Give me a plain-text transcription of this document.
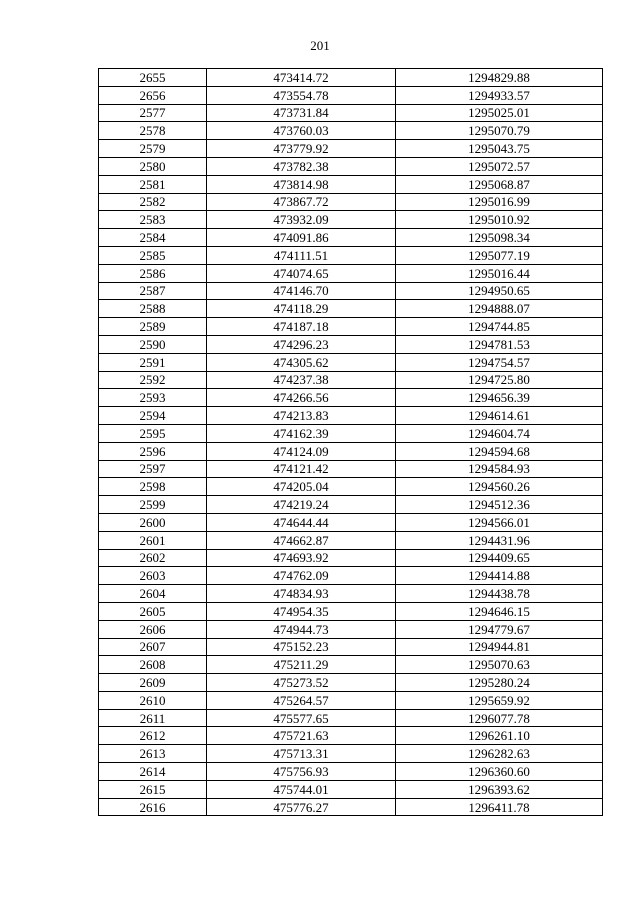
201
2655	473414.72	1294829.88
2656	473554.78	1294933.57
2577	473731.84	1295025.01
2578	473760.03	1295070.79
2579	473779.92	1295043.75
2580	473782.38	1295072.57
2581	473814.98	1295068.87
2582	473867.72	1295016.99
2583	473932.09	1295010.92
2584	474091.86	1295098.34
2585	474111.51	1295077.19
2586	474074.65	1295016.44
2587	474146.70	1294950.65
2588	474118.29	1294888.07
2589	474187.18	1294744.85
2590	474296.23	1294781.53
2591	474305.62	1294754.57
2592	474237.38	1294725.80
2593	474266.56	1294656.39
2594	474213.83	1294614.61
2595	474162.39	1294604.74
2596	474124.09	1294594.68
2597	474121.42	1294584.93
2598	474205.04	1294560.26
2599	474219.24	1294512.36
2600	474644.44	1294566.01
2601	474662.87	1294431.96
2602	474693.92	1294409.65
2603	474762.09	1294414.88
2604	474834.93	1294438.78
2605	474954.35	1294646.15
2606	474944.73	1294779.67
2607	475152.23	1294944.81
2608	475211.29	1295070.63
2609	475273.52	1295280.24
2610	475264.57	1295659.92
2611	475577.65	1296077.78
2612	475721.63	1296261.10
2613	475713.31	1296282.63
2614	475756.93	1296360.60
2615	475744.01	1296393.62
2616	475776.27	1296411.78
